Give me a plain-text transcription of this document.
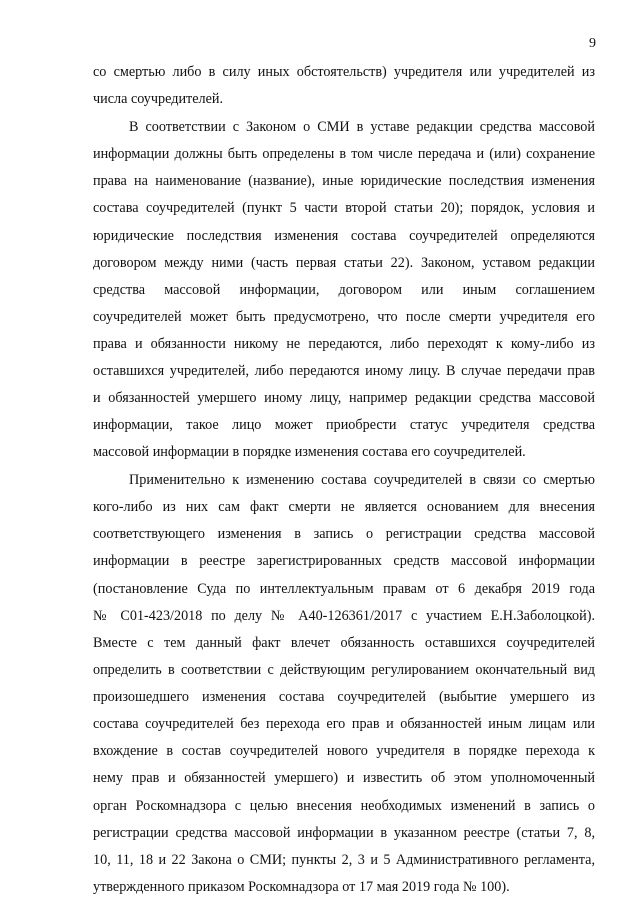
9
со смертью либо в силу иных обстоятельств) учредителя или учредителей из
числа соучредителей.
В соответствии с Законом о СМИ в уставе редакции средства массовой
информации должны быть определены в том числе передача и (или) сохранение
права на наименование (название), иные юридические последствия изменения
состава соучредителей (пункт 5 части второй статьи 20); порядок, условия и
юридические последствия изменения состава соучредителей определяются
договором между ними (часть первая статьи 22). Законом, уставом редакции
средства массовой информации, договором или иным соглашением
соучредителей может быть предусмотрено, что после смерти учредителя его
права и обязанности никому не передаются, либо переходят к кому-либо из
оставшихся учредителей, либо передаются иному лицу. В случае передачи прав
и обязанностей умершего иному лицу, например редакции средства массовой
информации, такое лицо может приобрести статус учредителя средства
массовой информации в порядке изменения состава его соучредителей.
Применительно к изменению состава соучредителей в связи со смертью
кого-либо из них сам факт смерти не является основанием для внесения
соответствующего изменения в запись о регистрации средства массовой
информации в реестре зарегистрированных средств массовой информации
(постановление Суда по интеллектуальным правам от 6 декабря 2019 года
№ С01-423/2018 по делу № А40-126361/2017 с участием Е.Н.Заболоцкой).
Вместе с тем данный факт влечет обязанность оставшихся соучредителей
определить в соответствии с действующим регулированием окончательный вид
произошедшего изменения состава соучредителей (выбытие умершего из
состава соучредителей без перехода его прав и обязанностей иным лицам или
вхождение в состав соучредителей нового учредителя в порядке перехода к
нему прав и обязанностей умершего) и известить об этом уполномоченный
орган Роскомнадзора с целью внесения необходимых изменений в запись о
регистрации средства массовой информации в указанном реестре (статьи 7, 8,
10, 11, 18 и 22 Закона о СМИ; пункты 2, 3 и 5 Административного регламента,
утвержденного приказом Роскомнадзора от 17 мая 2019 года № 100).
